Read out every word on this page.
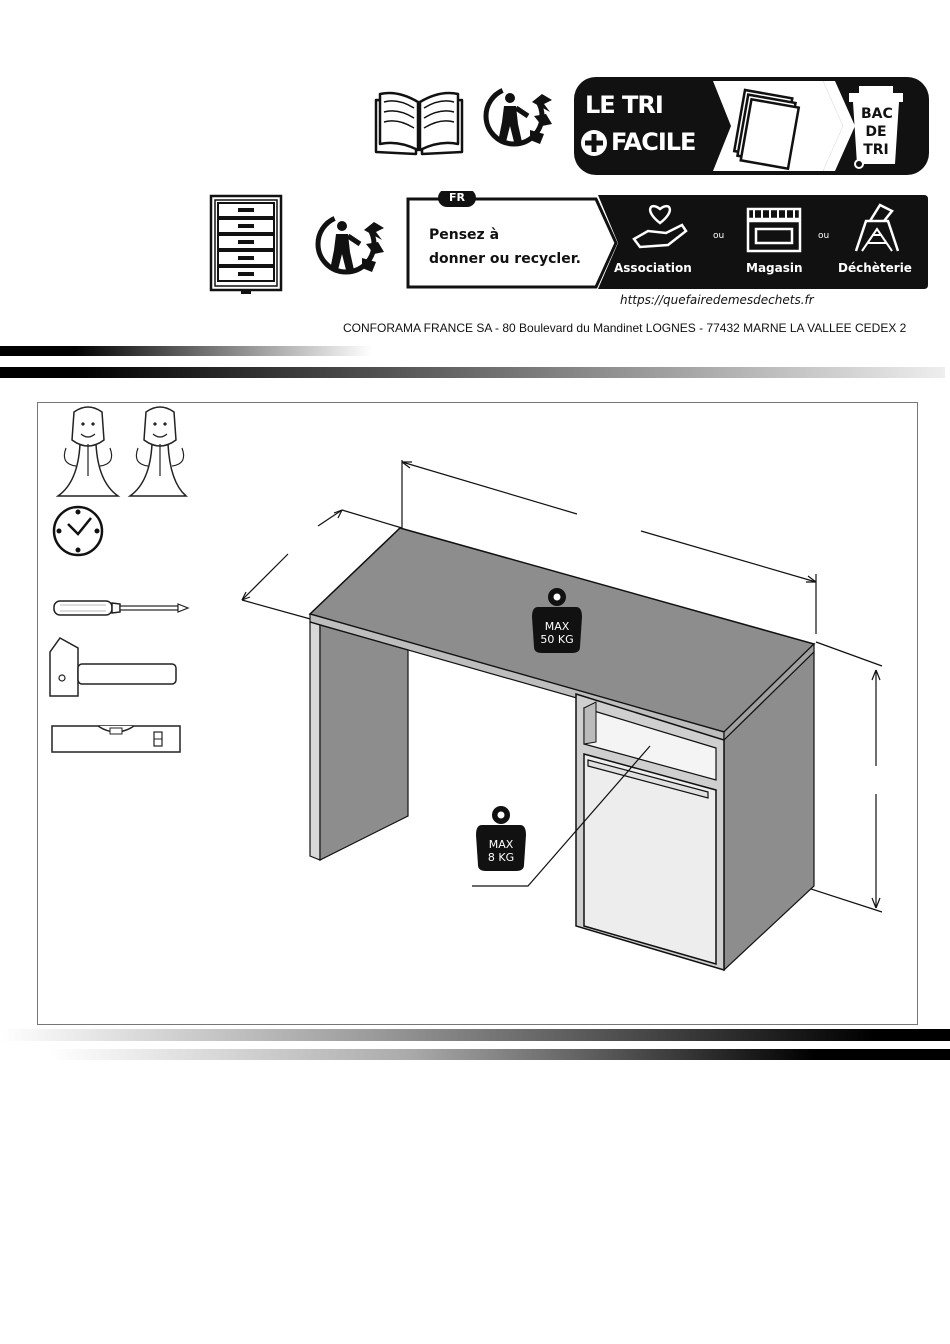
LE TRI
FACILE
BAC
DE
TRI
FR
Pensez à
donner ou recycler.
Association
ou
Magasin
ou
Déchèterie
https://quefairedemesdechets.fr
CONFORAMA FRANCE SA - 80 Boulevard du Mandinet LOGNES - 77432 MARNE LA VALLEE CEDEX 2
MAX
50 KG
MAX
8 KG
